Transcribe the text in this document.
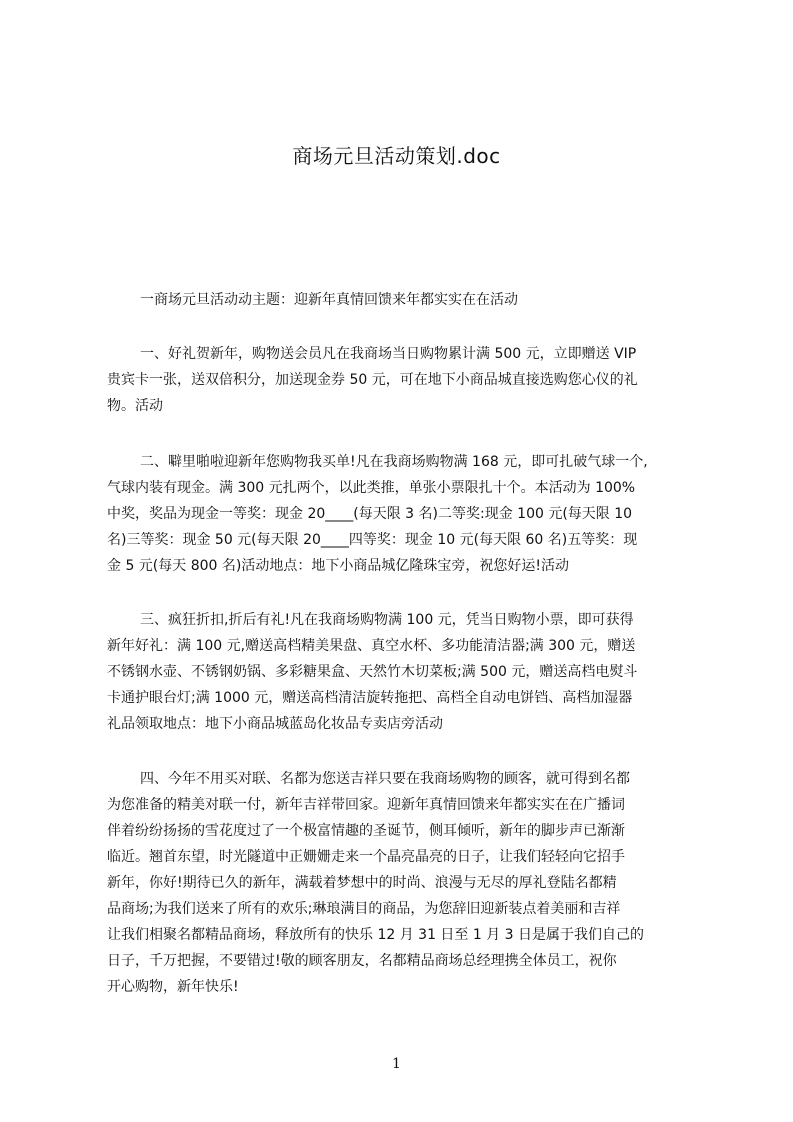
商场元旦活动策划.doc
一商场元旦活动动主题：迎新年真情回馈来年都实实在在活动
一、好礼贺新年，购物送会员凡在我商场当日购物累计满 500 元，立即赠送 VIP
贵宾卡一张，送双倍积分，加送现金券 50 元，可在地下小商品城直接选购您心仪的礼
物。活动
二、噼里啪啦迎新年您购物我买单!凡在我商场购物满 168 元，即可扎破气球一个,
气球内装有现金。满 300 元扎两个，以此类推，单张小票限扎十个。本活动为 100%
中奖，奖品为现金一等奖：现金 20____(每天限 3 名)二等奖:现金 100 元(每天限 10
名)三等奖：现金 50 元(每天限 20____四等奖：现金 10 元(每天限 60 名)五等奖：现
金 5 元(每天 800 名)活动地点：地下小商品城亿隆珠宝旁，祝您好运!活动
三、疯狂折扣,折后有礼!凡在我商场购物满 100 元，凭当日购物小票，即可获得
新年好礼：满 100 元,赠送高档精美果盘、真空水杯、多功能清洁器;满 300 元，赠送
不锈钢水壶、不锈钢奶锅、多彩糖果盒、天然竹木切菜板;满 500 元，赠送高档电熨斗
卡通护眼台灯;满 1000 元，赠送高档清洁旋转拖把、高档全自动电饼铛、高档加湿器
礼品领取地点：地下小商品城蓝岛化妆品专卖店旁活动
四、今年不用买对联、名都为您送吉祥只要在我商场购物的顾客，就可得到名都
为您准备的精美对联一付，新年吉祥带回家。迎新年真情回馈来年都实实在在广播词
伴着纷纷扬扬的雪花度过了一个极富情趣的圣诞节，侧耳倾听，新年的脚步声已渐渐
临近。翘首东望，时光隧道中正姗姗走来一个晶亮晶亮的日子，让我们轻轻向它招手
新年，你好!期待已久的新年，满载着梦想中的时尚、浪漫与无尽的厚礼登陆名都精
品商场;为我们送来了所有的欢乐;琳琅满目的商品，为您辞旧迎新装点着美丽和吉祥
让我们相聚名都精品商场，释放所有的快乐 12 月 31 日至 1 月 3 日是属于我们自己的
日子，千万把握，不要错过!敬的顾客朋友，名都精品商场总经理携全体员工，祝你
开心购物，新年快乐!
1
